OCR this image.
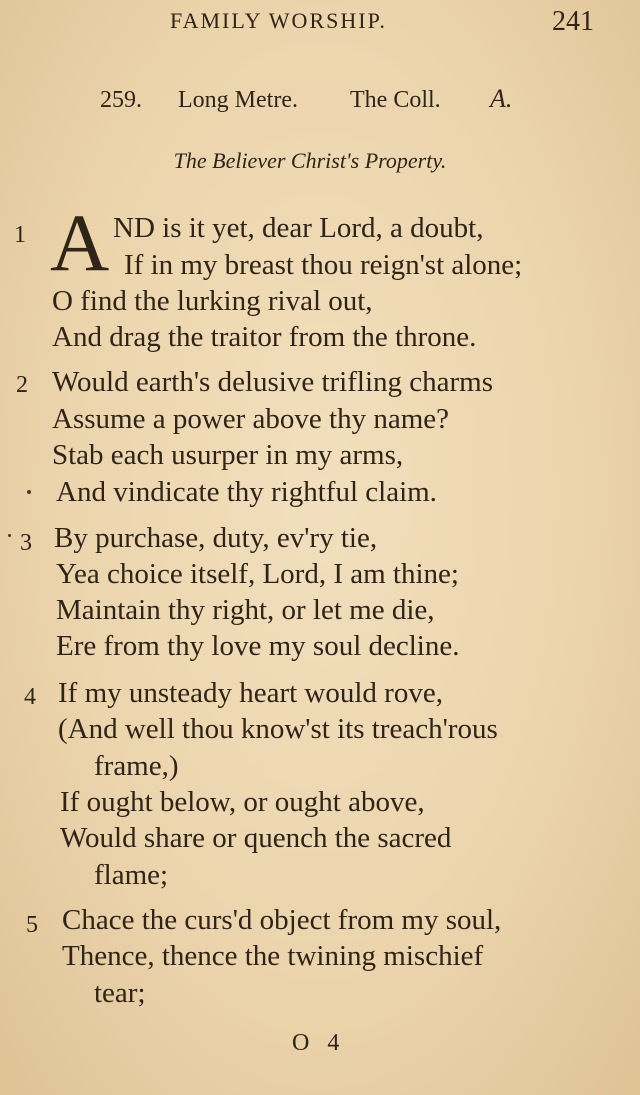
FAMILY WORSHIP.	241
259. Long Metre. The Coll. A.
The Believer Christ's Property.
1 A ND is it yet, dear Lord, a doubt,
If in my breast thou reign'st alone;
O find the lurking rival out,
And drag the traitor from the throne.
2 Would earth's delusive trifling charms
Assume a power above thy name?
Stab each usurper in my arms,
And vindicate thy rightful claim.
3 By purchase, duty, ev'ry tie,
Yea choice itself, Lord, I am thine;
Maintain thy right, or let me die,
Ere from thy love my soul decline.
4 If my unsteady heart would rove,
(And well thou know'st its treach'rous
frame,)
If ought below, or ought above,
Would share or quench the sacred
flame;
5 Chace the curs'd object from my soul,
Thence, thence the twining mischief
tear;
O 4
